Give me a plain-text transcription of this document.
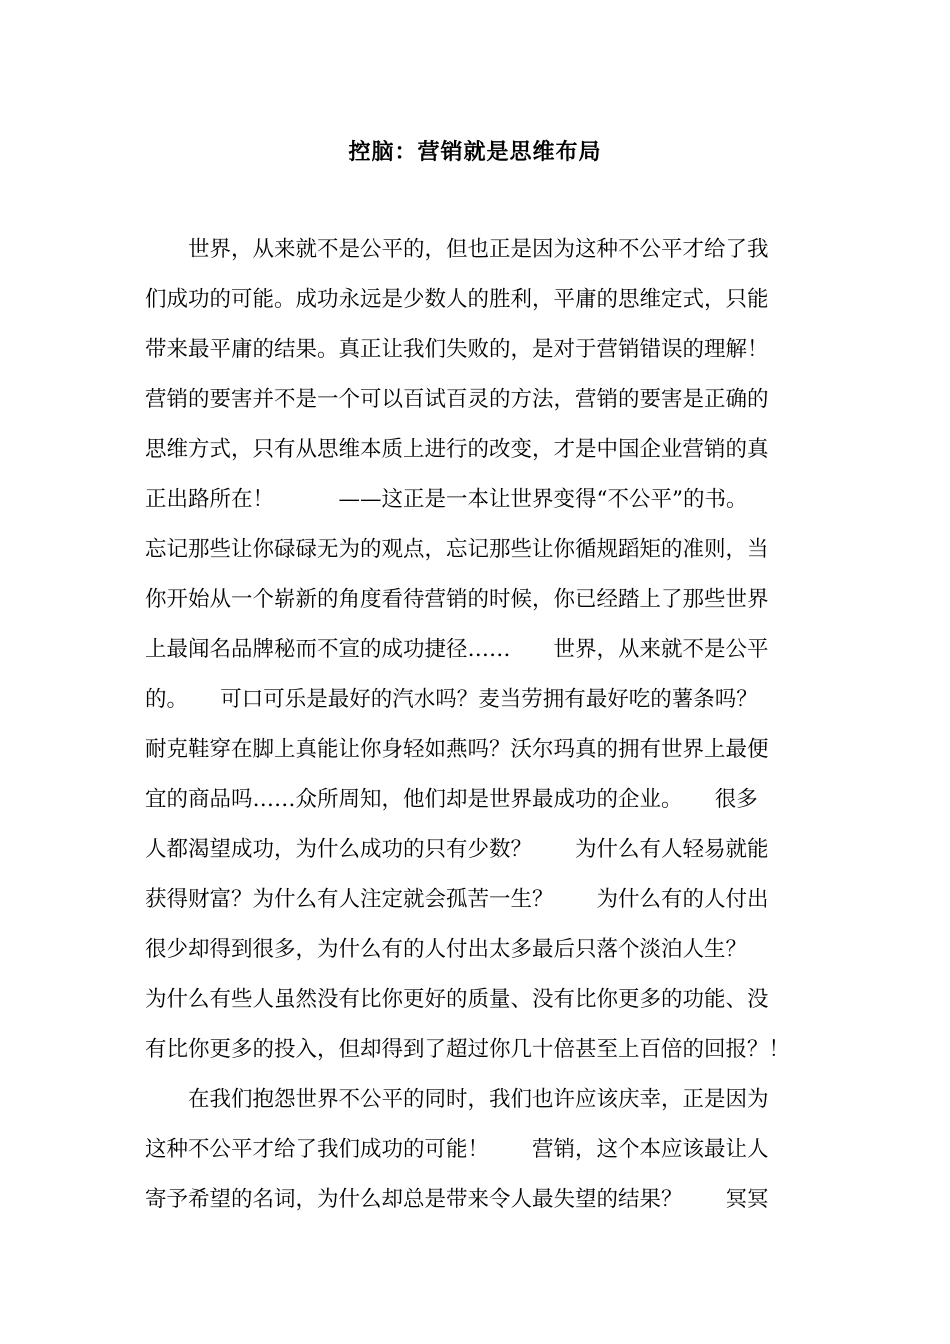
控脑：营销就是思维布局
　　世界，从来就不是公平的，但也正是因为这种不公平才给了我
们成功的可能。成功永远是少数人的胜利，平庸的思维定式，只能
带来最平庸的结果。真正让我们失败的，是对于营销错误的理解！
营销的要害并不是一个可以百试百灵的方法，营销的要害是正确的
思维方式，只有从思维本质上进行的改变，才是中国企业营销的真
正出路所在！　　　——这正是一本让世界变得“不公平”的书。
忘记那些让你碌碌无为的观点，忘记那些让你循规蹈矩的准则，当
你开始从一个崭新的角度看待营销的时候，你已经踏上了那些世界
上最闻名品牌秘而不宣的成功捷径……　　世界，从来就不是公平
的。　　可口可乐是最好的汽水吗？麦当劳拥有最好吃的薯条吗？
耐克鞋穿在脚上真能让你身轻如燕吗？沃尔玛真的拥有世界上最便
宜的商品吗……众所周知，他们却是世界最成功的企业。　　很多
人都渴望成功，为什么成功的只有少数？　　为什么有人轻易就能
获得财富？为什么有人注定就会孤苦一生？　　为什么有的人付出
很少却得到很多，为什么有的人付出太多最后只落个淡泊人生？
为什么有些人虽然没有比你更好的质量、没有比你更多的功能、没
有比你更多的投入，但却得到了超过你几十倍甚至上百倍的回报？！
　　在我们抱怨世界不公平的同时，我们也许应该庆幸，正是因为
这种不公平才给了我们成功的可能！　　营销，这个本应该最让人
寄予希望的名词，为什么却总是带来令人最失望的结果？　　冥冥
